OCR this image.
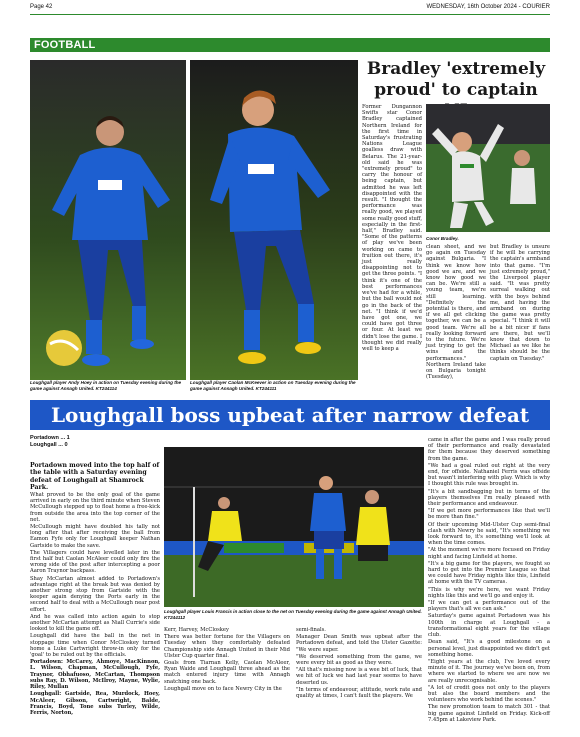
Page 42	WEDNESDAY, 16th October 2024 - COURIER
FOOTBALL
Loughgall player Andy Hoey in action on Tuesday evening during the game against Annagh United. KT244114
Loughgall player Caolan McKeever in action on Tuesday evening during the game against Annagh United. KT244111
Bradley 'extremely proud' to captain
Former Dungannon Swifts star Conor Bradley captained Northern Ireland for the first time in Saturday's frustrating Nations League goalless draw with Belarus. The 21-year-old said he was "extremely proud" to carry the honour of being captain, but admitted he was left disappointed with the result. "I thought the performance was really good, we played some really good stuff, especially in the first-half," Bradley said. "Some of the patterns of play we've been working on came to fruition out there, it's just really disappointing not to get the three points. "I think it's one of the best performances we've had for a while, but the ball would not go in the back of the net. "I think if we'd have got one, we could have got three or four. At least we didn't lose the game. I thought we did really well to keep a
Conor Bradley.
clean sheet, and we go again on Tuesday against Bulgaria. "I think we know how good we are, and we know how good we can be. We're still a young team, we're still learning. "Definitely the potential is there, and if we all get clicking together, we can be a good team. We're all really looking forward to the future. We're just trying to get the wins and the performances." Northern Ireland take on Bulgaria tonight (Tuesday),
but Bradley is unsure if he will be carrying the captain's armband into that game. "I'm just extremely proud," the Liverpool player said. "It was pretty surreal walking out with the boys behind me, and having the armband on during the game was pretty special. "I think it will be a bit nicer if fans are there, but we'll know that down to Michael as we like he thinks should be the captain on Tuesday."
Loughgall boss upbeat after narrow defeat
Portadown ... 1
Loughgall ... 0
Portadown moved into the top half of the table with a Saturday evening defeat of Loughgall at Shamrock Park.

What proved to be the only goal of the game arrived in early on the third minute when Steven McCullough stepped up to float home a free-kick from outside the area into the top corner of the net.

McCullough might have doubled his tally not long after that after receiving the ball from Eamon Fyfe only for Loughgall keeper Nathan Gartside to make the save.

The Villagers could have levelled later in the first half but Caolan McAleer could only fire the wrong side of the post after intercepting a poor Aaron Traynor backpass.

Shay McCartan almost added to Portadown's advantage right at the break but was denied by another strong stop from Gartside with the keeper again denying the Ports early in the second half to deal with a McCullough near post effort.

And he was called into action again to stop another McCartan attempt as Niall Currie's side looked to kill the game off.

Loughgall did have the ball in the net in stoppage time when Conor McCloskey turned home a Luke Cartwright throw-in only for the 'goal' to be ruled out by the officials.

Portadown: McCarey, Ahmoye, MacKinnon, L. Wilson, Chapman, McCullough, Fyfe, Traynor, Obhafuoso, McCartan, Thompson subs Ray, D. Wilson, McIlroy, Mayne, Wylie, Riley, Mullan

Loughgall: Gartside, Rea, Murdock, Hoey, McAleer, Gibson, Cartwright, Balde, Francis, Boyd, Tone subs Turley, Wilde, Ferris, Norton,

Loughgall player Louis Francis in action close to the net on Tuesday evening during the game against Annagh United. KT244112

Kerr, Harvey, McCloskey

There was better fortune for the Villagers on Tuesday when they comfortably defeated Championship side Annagh United in their Mid Ulster Cup quarter final.

Goals from Tiarnan Kelly, Caolan McAleer, Ryan Waide and Loughgall three ahead as the match entered injury time with Annagh snatching one back.

Loughgall move on to face Newry City in the

semi-finals.

Manager Dean Smith was upbeat after the Portadown defeat, and told the Ulster Gazette: "We were super.

"We deserved something from the game, we were every bit as good as they were.

"All that's missing now is a wee bit of luck, that we hit of luck we had last year seems to have deserted us.

"In terms of endeavour, attitude, work rate and quality at times, I can't fault the players. We

came in after the game and I was really proud of their performance and really devastated for them because they deserved something from the game.

"We had a goal ruled out right at the very end, for offside. Nathaniel Ferris was offside but wasn't interfering with play. Which is why I thought this rule was brought in.

"It's a bit sandbagging but in terms of the players themselves I'm really pleased with their performance and endeavour.

"If we get more performances like that we'll be more than fine."

Of their upcoming Mid-Ulster Cup semi-final clash with Newry he said, "It's something we look forward to, it's something we'll look at when the time comes.

"At the moment we're more focused on Friday night and facing Linfield at home.

"It's a big game for the players, we fought so hard to get into the Premier League so that we could have Friday nights like this, Linfield at home with the TV cameras.

"This is why we're here, we want Friday nights like this and we'll go and enjoy it.

"If we can get a performance out of the players that's all we can ask."

Saturday's game against Portadown was his 100th in charge at Loughgall - a transformational eight years for the village club.

Dean said, "It's a good milestone on a personal level, just disappointed we didn't get something home.

"Eight years at the club, I've loved every minute of it. The journey we've been on, from where we started to where we are now we are really unrecognisable.

"A lot of credit goes not only to the players but also the board members and the volunteers who work behind the scenes."

The new promotion team to match 301 - that big game against Linfield on Friday. Kick-off 7.45pm at Lakeview Park.
